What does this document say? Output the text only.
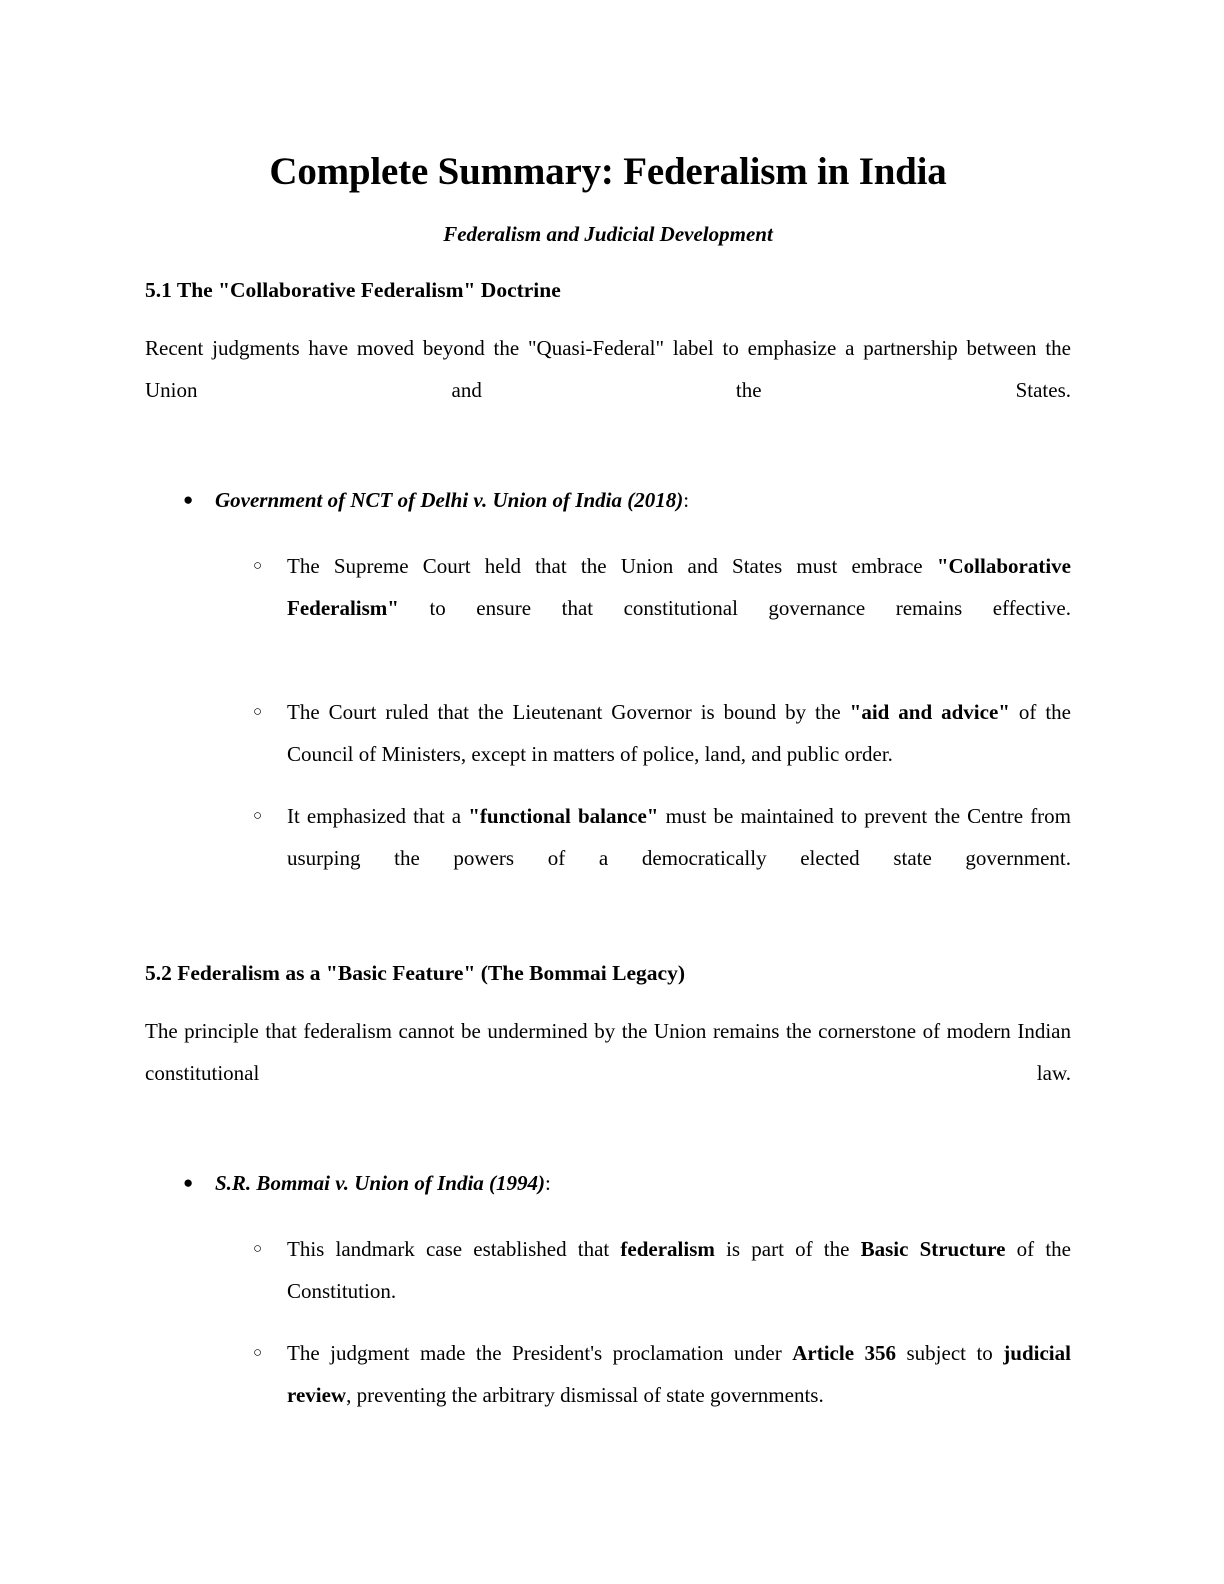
Complete Summary: Federalism in India
Federalism and Judicial Development
5.1 The "Collaborative Federalism" Doctrine

Recent judgments have moved beyond the "Quasi-Federal" label to emphasize a partnership between the Union and the States.

● Government of NCT of Delhi v. Union of India (2018):
○ The Supreme Court held that the Union and States must embrace "Collaborative Federalism" to ensure that constitutional governance remains effective.
○ The Court ruled that the Lieutenant Governor is bound by the "aid and advice" of the Council of Ministers, except in matters of police, land, and public order.
○ It emphasized that a "functional balance" must be maintained to prevent the Centre from usurping the powers of a democratically elected state government.
5.2 Federalism as a "Basic Feature" (The Bommai Legacy)

The principle that federalism cannot be undermined by the Union remains the cornerstone of modern Indian constitutional law.

● S.R. Bommai v. Union of India (1994):
○ This landmark case established that federalism is part of the Basic Structure of the Constitution.
○ The judgment made the President's proclamation under Article 356 subject to judicial review, preventing the arbitrary dismissal of state governments.
